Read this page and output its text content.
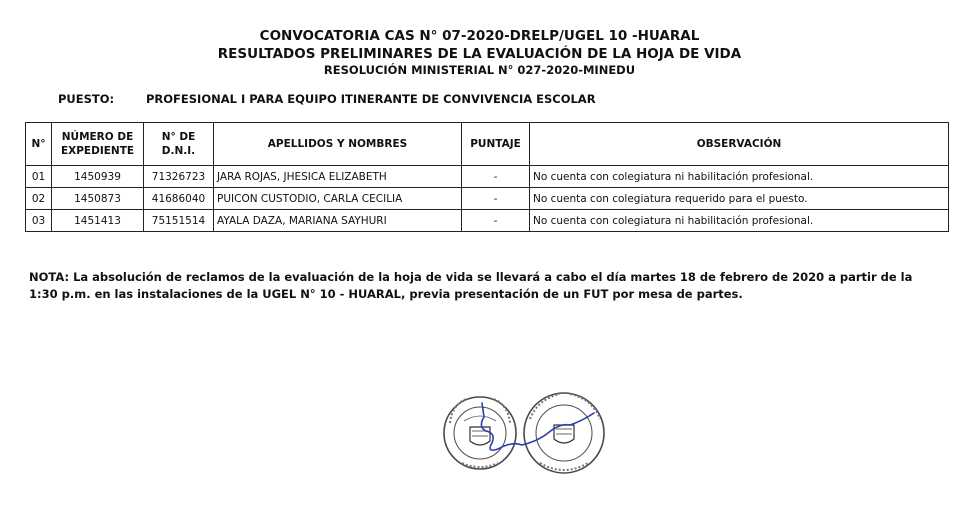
CONVOCATORIA CAS N° 07-2020-DRELP/UGEL 10 -HUARAL
RESULTADOS PRELIMINARES DE LA EVALUACIÓN DE LA HOJA DE VIDA
RESOLUCIÓN MINISTERIAL N° 027-2020-MINEDU
PUESTO:	PROFESIONAL I PARA EQUIPO ITINERANTE DE CONVIVENCIA ESCOLAR
N°	NÚMERO DE EXPEDIENTE	N° DE D.N.I.	APELLIDOS Y NOMBRES	PUNTAJE	OBSERVACIÓN
01	1450939	71326723	JARA ROJAS, JHESICA ELIZABETH	-	No cuenta con colegiatura ni habilitación profesional.
02	1450873	41686040	PUICON CUSTODIO, CARLA CECILIA	-	No cuenta con colegiatura requerido para el puesto.
03	1451413	75151514	AYALA DAZA, MARIANA SAYHURI	-	No cuenta con colegiatura ni habilitación profesional.
NOTA: La absolución de reclamos de la evaluación de la hoja de vida se llevará a cabo el día martes 18 de febrero de 2020 a partir de la 1:30 p.m. en las instalaciones de la UGEL N° 10 - HUARAL, previa presentación de un FUT por mesa de partes.
